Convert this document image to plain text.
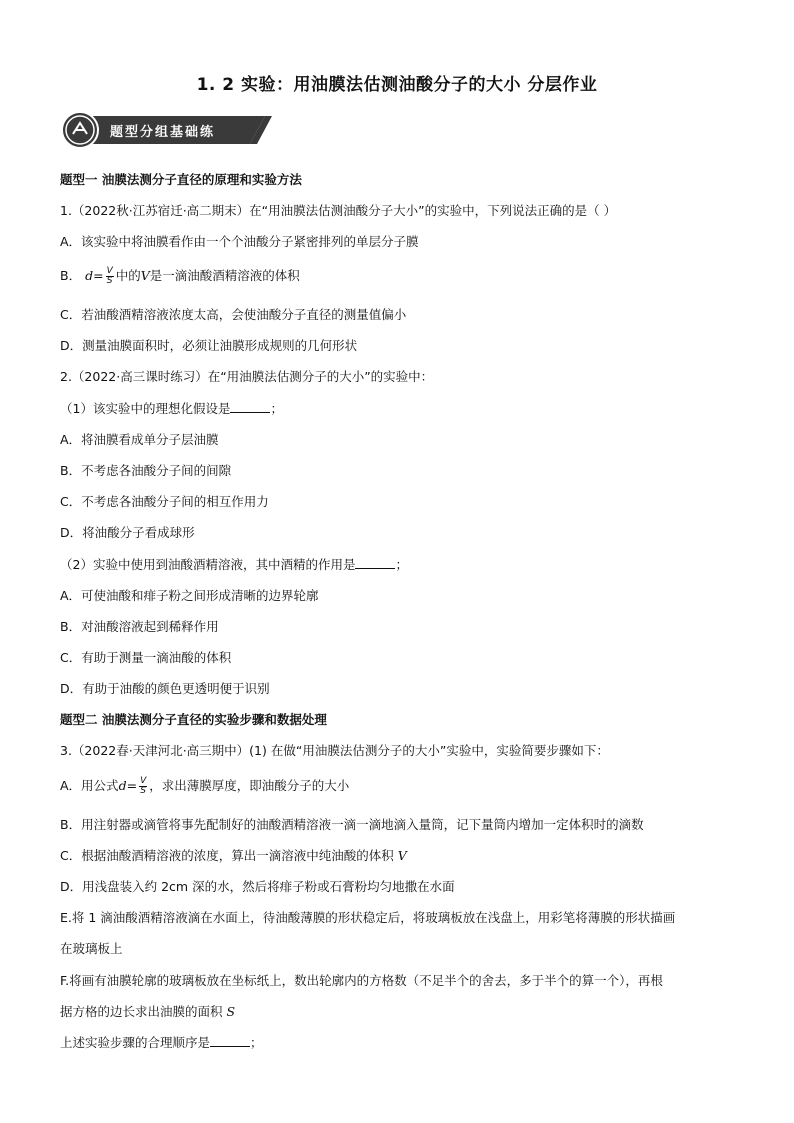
1. 2 实验：用油膜法估测油酸分子的大小 分层作业
题型分组基础练
题型一 油膜法测分子直径的原理和实验方法
1.（2022秋·江苏宿迁·高二期末）在“用油膜法估测油酸分子大小”的实验中，下列说法正确的是（ ）
A．该实验中将油膜看作由一个个油酸分子紧密排列的单层分子膜
B． $d= \frac{V}{S}$ 中的V是一滴油酸酒精溶液的体积
C．若油酸酒精溶液浓度太高，会使油酸分子直径的测量值偏小
D．测量油膜面积时，必须让油膜形成规则的几何形状
2.（2022·高三课时练习）在“用油膜法估测分子的大小”的实验中：
（1）该实验中的理想化假设是	；
A．将油膜看成单分子层油膜
B．不考虑各油酸分子间的间隙
C．不考虑各油酸分子间的相互作用力
D．将油酸分子看成球形
（2）实验中使用到油酸酒精溶液，其中酒精的作用是	；
A．可使油酸和痱子粉之间形成清晰的边界轮廓
B．对油酸溶液起到稀释作用
C．有助于测量一滴油酸的体积
D．有助于油酸的颜色更透明便于识别
题型二 油膜法测分子直径的实验步骤和数据处理
3.（2022春·天津河北·高三期中）(1) 在做“用油膜法估测分子的大小”实验中，实验简要步骤如下：
A．用公式$d= \frac{V}{S}$ ，求出薄膜厚度，即油酸分子的大小
B．用注射器或滴管将事先配制好的油酸酒精溶液一滴一滴地滴入量筒，记下量筒内增加一定体积时的滴数
C．根据油酸酒精溶液的浓度，算出一滴溶液中纯油酸的体积 V
D．用浅盘装入约 2cm 深的水，然后将痱子粉或石膏粉均匀地撒在水面
E.将 1 滴油酸酒精溶液滴在水面上，待油酸薄膜的形状稳定后，将玻璃板放在浅盘上，用彩笔将薄膜的形状描画
在玻璃板上
F.将画有油膜轮廓的玻璃板放在坐标纸上，数出轮廓内的方格数（不足半个的舍去，多于半个的算一个），再根
据方格的边长求出油膜的面积 S
上述实验步骤的合理顺序是	；
